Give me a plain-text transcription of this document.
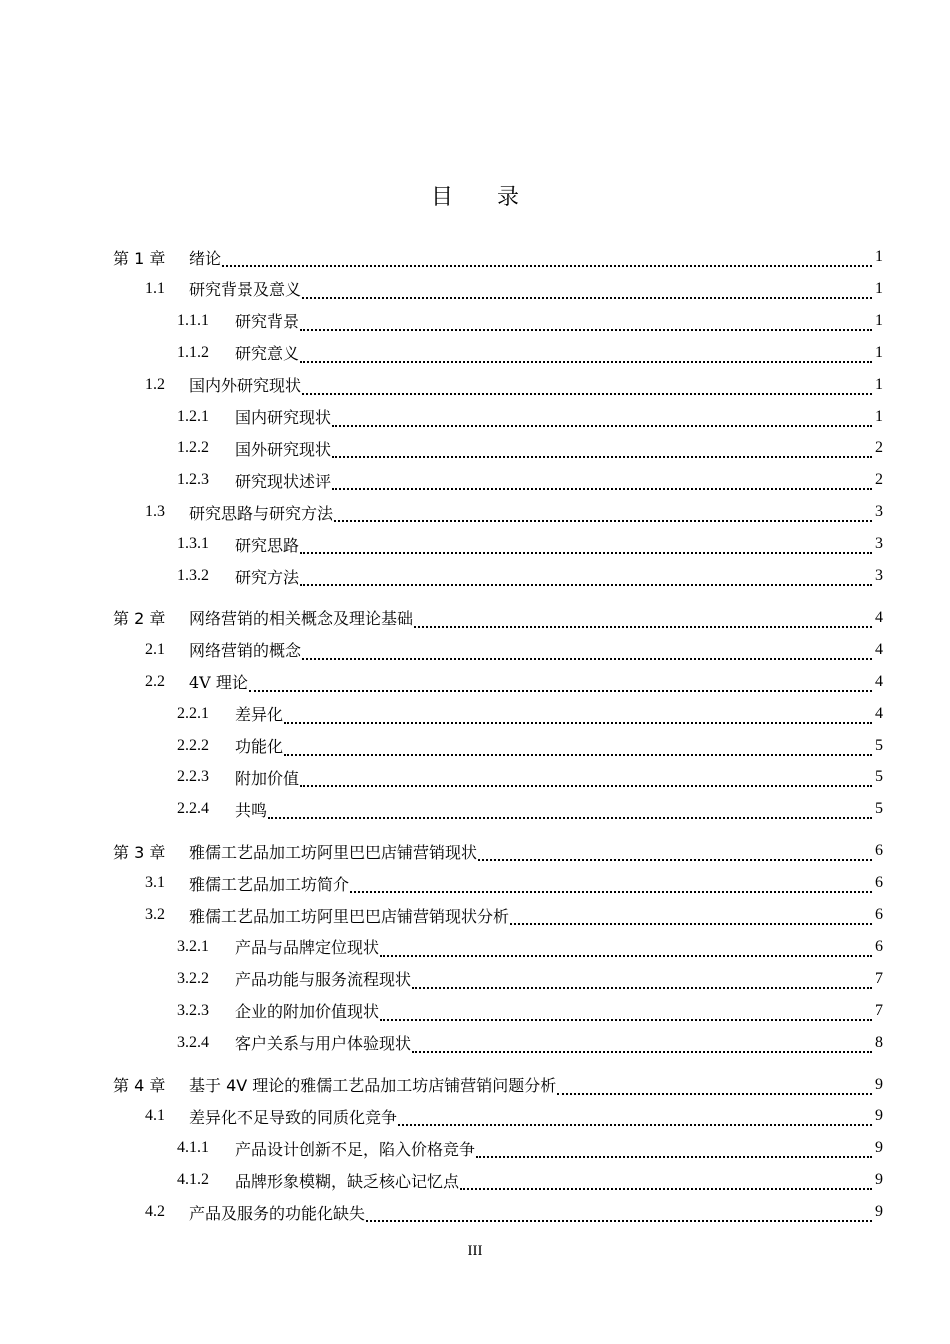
目录
第 1 章	绪论	1
1.1	研究背景及意义	1
1.1.1	研究背景	1
1.1.2	研究意义	1
1.2	国内外研究现状	1
1.2.1	国内研究现状	1
1.2.2	国外研究现状	2
1.2.3	研究现状述评	2
1.3	研究思路与研究方法	3
1.3.1	研究思路	3
1.3.2	研究方法	3
第 2 章	网络营销的相关概念及理论基础	4
2.1	网络营销的概念	4
2.2	4V 理论	4
2.2.1	差异化	4
2.2.2	功能化	5
2.2.3	附加价值	5
2.2.4	共鸣	5
第 3 章	雅儒工艺品加工坊阿里巴巴店铺营销现状	6
3.1	雅儒工艺品加工坊简介	6
3.2	雅儒工艺品加工坊阿里巴巴店铺营销现状分析	6
3.2.1	产品与品牌定位现状	6
3.2.2	产品功能与服务流程现状	7
3.2.3	企业的附加价值现状	7
3.2.4	客户关系与用户体验现状	8
第 4 章	基于 4V 理论的雅儒工艺品加工坊店铺营销问题分析	9
4.1	差异化不足导致的同质化竞争	9
4.1.1	产品设计创新不足，陷入价格竞争	9
4.1.2	品牌形象模糊，缺乏核心记忆点	9
4.2	产品及服务的功能化缺失	9
III
